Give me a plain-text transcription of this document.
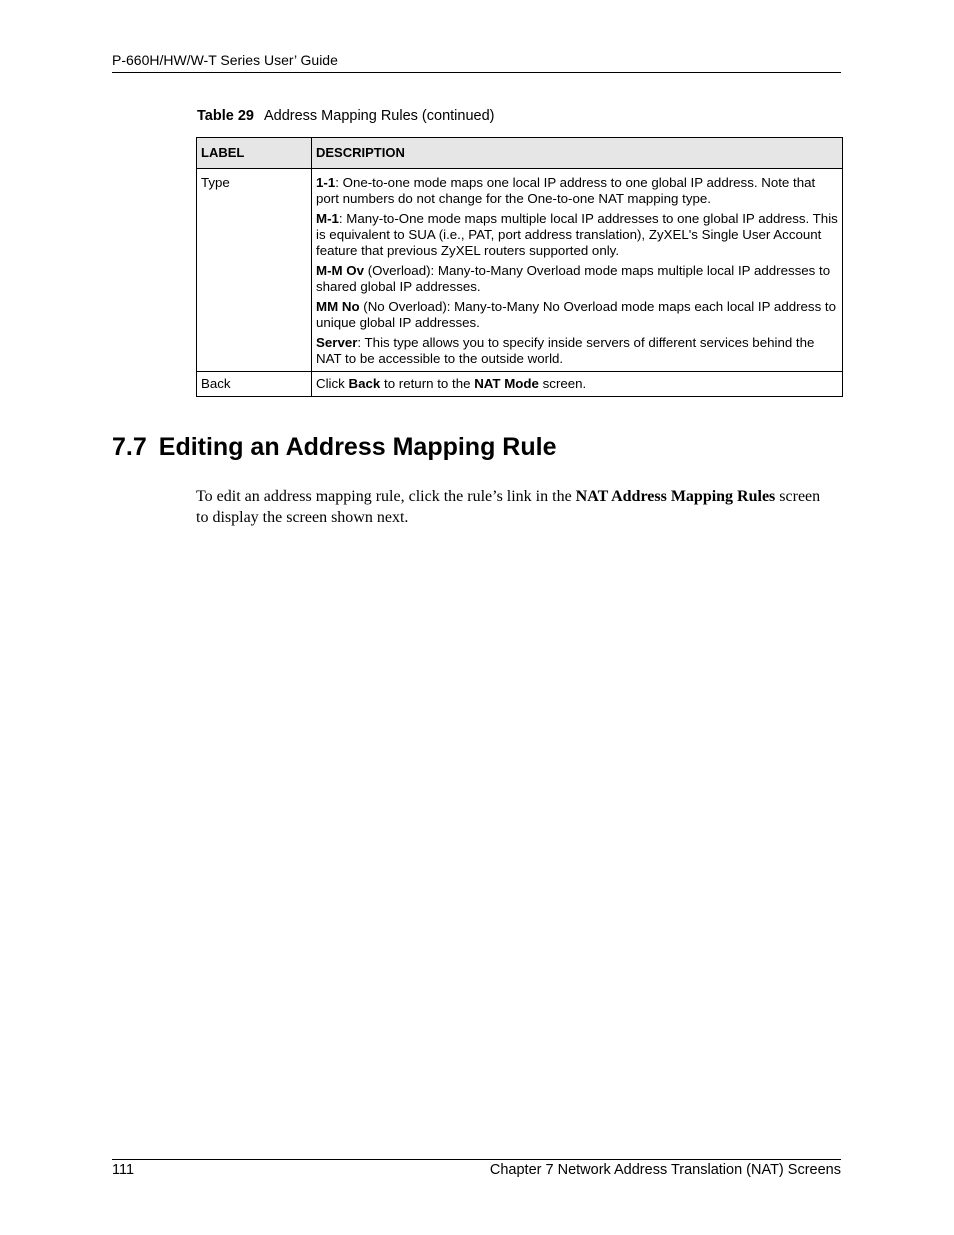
P-660H/HW/W-T Series User’ Guide
Table 29 Address Mapping Rules (continued)
LABEL	DESCRIPTION
Type	1-1: One-to-one mode maps one local IP address to one global IP address. Note that port numbers do not change for the One-to-one NAT mapping type.

M-1: Many-to-One mode maps multiple local IP addresses to one global IP address. This is equivalent to SUA (i.e., PAT, port address translation), ZyXEL's Single User Account feature that previous ZyXEL routers supported only.

M-M Ov (Overload): Many-to-Many Overload mode maps multiple local IP addresses to shared global IP addresses.

MM No (No Overload): Many-to-Many No Overload mode maps each local IP address to unique global IP addresses.

Server: This type allows you to specify inside servers of different services behind the NAT to be accessible to the outside world.

Back	Click Back to return to the NAT Mode screen.
7.7 Editing an Address Mapping Rule

To edit an address mapping rule, click the rule’s link in the NAT Address Mapping Rules screen to display the screen shown next.

111	Chapter 7 Network Address Translation (NAT) Screens
